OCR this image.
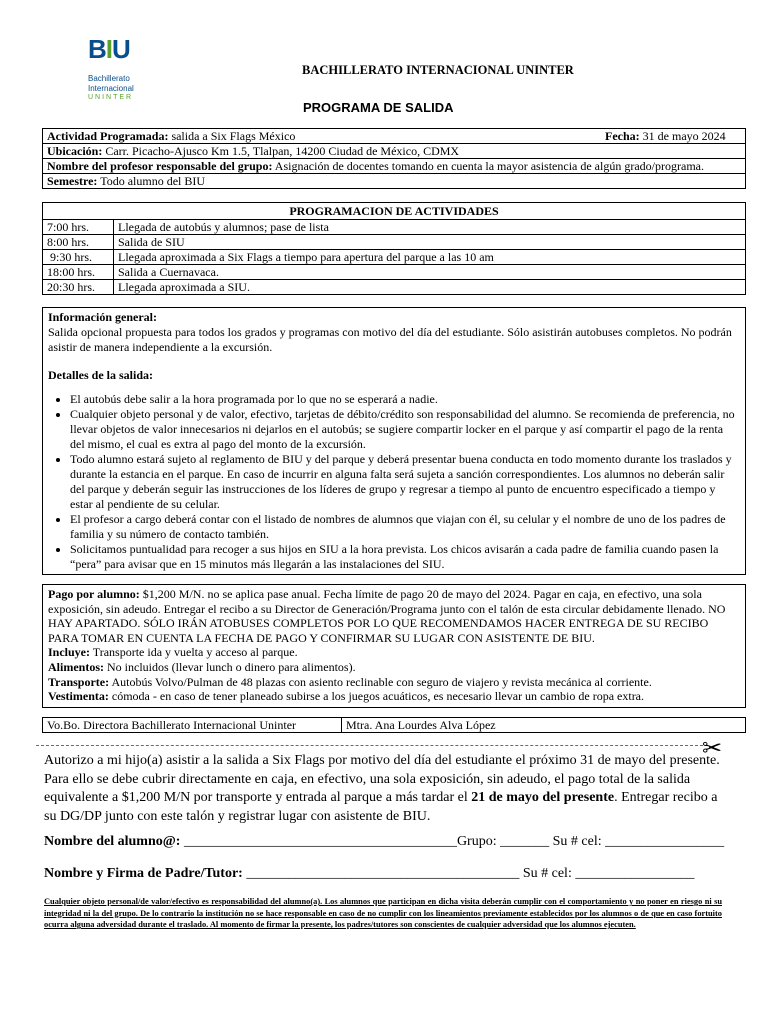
BIU
Bachillerato
Internacional
UNINTER
BACHILLERATO INTERNACIONAL UNINTER
PROGRAMA DE SALIDA
Actividad Programada: salida a Six Flags México	Fecha: 31 de mayo 2024

Ubicación: Carr. Picacho-Ajusco Km 1.5, Tlalpan, 14200 Ciudad de México, CDMX
Nombre del profesor responsable del grupo: Asignación de docentes tomando en cuenta la mayor asistencia de algún grado/programa.
Semestre: Todo alumno del BIU
PROGRAMACION DE ACTIVIDADES	
7:00 hrs.	Llegada de autobús y alumnos; pase de lista
8:00 hrs.	Salida de SIU
9:30 hrs.	Llegada aproximada a Six Flags a tiempo para apertura del parque a las 10 am
18:00 hrs.	Salida a Cuernavaca.
20:30 hrs.	Llegada aproximada a SIU.

Información general:

Salida opcional propuesta para todos los grados y programas con motivo del día del estudiante. Sólo asistirán autobuses completos. No podrán asistir de manera independiente a la excursión.

Detalles de la salida:

• El autobús debe salir a la hora programada por lo que no se esperará a nadie.
• Cualquier objeto personal y de valor, efectivo, tarjetas de débito/crédito son responsabilidad del alumno. Se recomienda de preferencia, no llevar objetos de valor innecesarios ni dejarlos en el autobús; se sugiere compartir locker en el parque y así compartir el pago de la renta del mismo, el cual es extra al pago del monto de la excursión.
• Todo alumno estará sujeto al reglamento de BIU y del parque y deberá presentar buena conducta en todo momento durante los traslados y durante la estancia en el parque. En caso de incurrir en alguna falta será sujeta a sanción correspondientes. Los alumnos no deberán salir del parque y deberán seguir las instrucciones de los líderes de grupo y regresar a tiempo al punto de encuentro especificado a tiempo y estar al pendiente de su celular.
• El profesor a cargo deberá contar con el listado de nombres de alumnos que viajan con él, su celular y el nombre de uno de los padres de familia y su número de contacto también.
• Solicitamos puntualidad para recoger a sus hijos en SIU a la hora prevista. Los chicos avisarán a cada padre de familia cuando pasen la “pera” para avisar que en 15 minutos más llegarán a las instalaciones del SIU.

Pago por alumno: $1,200 M/N. no se aplica pase anual. Fecha límite de pago 20 de mayo del 2024. Pagar en caja, en efectivo, una sola exposición, sin adeudo. Entregar el recibo a su Director de Generación/Programa junto con el talón de esta circular debidamente llenado. NO HAY APARTADO. SÓLO IRÁN ATOBUSES COMPLETOS POR LO QUE RECOMENDAMOS HACER ENTREGA DE SU RECIBO PARA TOMAR EN CUENTA LA FECHA DE PAGO Y CONFIRMAR SU LUGAR CON ASISTENTE DE BIU.

Incluye: Transporte ida y vuelta y acceso al parque.

Alimentos: No incluidos (llevar lunch o dinero para alimentos).

Transporte: Autobús Volvo/Pulman de 48 plazas con asiento reclinable con seguro de viajero y revista mecánica al corriente.

Vestimenta: cómoda - en caso de tener planeado subirse a los juegos acuáticos, es necesario llevar un cambio de ropa extra.

Vo.Bo. Directora Bachillerato Internacional Uninter	Mtra. Ana Lourdes Alva López
✂
Autorizo a mi hijo(a) asistir a la salida a Six Flags por motivo del día del estudiante el próximo 31 de mayo del presente. Para ello se debe cubrir directamente en caja, en efectivo, una sola exposición, sin adeudo, el pago total de la salida equivalente a $1,200 M/N por transporte y entrada al parque a más tardar el 21 de mayo del presente. Entregar recibo a su DG/DP junto con este talón y registrar lugar con asistente de BIU.
Nombre del alumno@: _______________________________________Grupo: _______ Su # cel: _________________
Nombre y Firma de Padre/Tutor: _______________________________________ Su # cel: _________________
Cualquier objeto personal/de valor/efectivo es responsabilidad del alumno(a). Los alumnos que participan en dicha visita deberán cumplir con el comportamiento y no poner en riesgo ni su integridad ni la del grupo. De lo contrario la institución no se hace responsable en caso de no cumplir con los lineamientos previamente establecidos por los alumnos o de que en caso fortuito ocurra alguna adversidad durante el traslado. Al momento de firmar la presente, los padres/tutores son conscientes de cualquier adversidad que los alumnos ejecuten.
